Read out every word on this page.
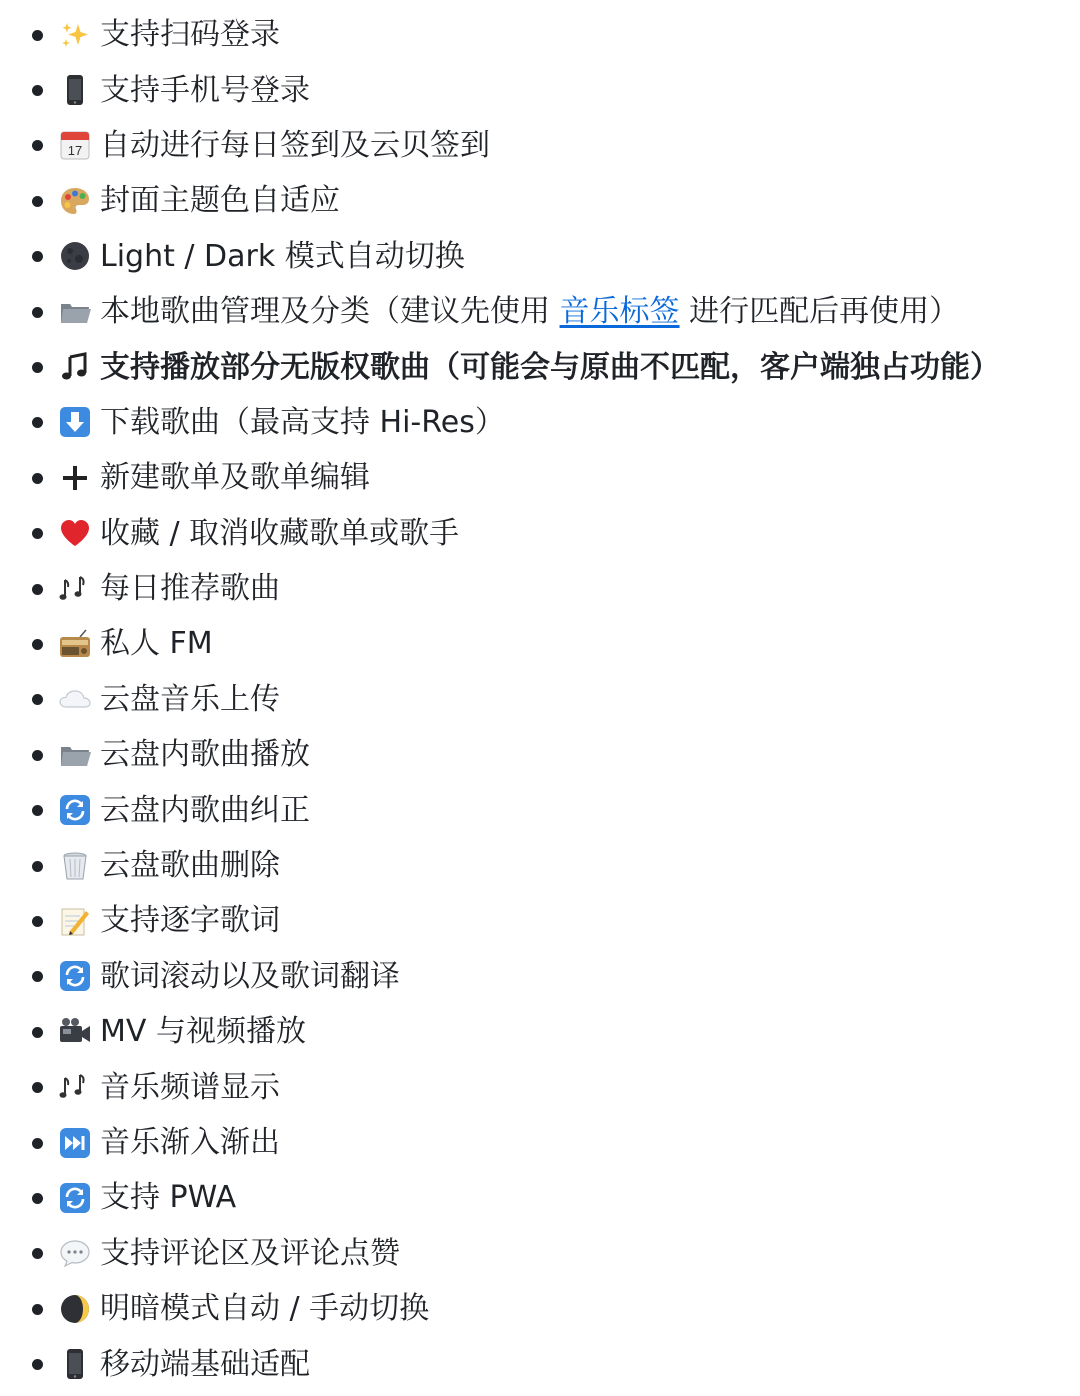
支持扫码登录
支持手机号登录
17 自动进行每日签到及云贝签到
封面主题色自适应
Light / Dark 模式自动切换
本地歌曲管理及分类（建议先使用 音乐标签 进行匹配后再使用）
支持播放部分无版权歌曲（可能会与原曲不匹配，客户端独占功能）
下载歌曲（最高支持 Hi-Res）
新建歌单及歌单编辑
收藏 / 取消收藏歌单或歌手
每日推荐歌曲
私人 FM
云盘音乐上传
云盘内歌曲播放
云盘内歌曲纠正
云盘歌曲删除
支持逐字歌词
歌词滚动以及歌词翻译
MV 与视频播放
音乐频谱显示
音乐渐入渐出
支持 PWA
支持评论区及评论点赞
明暗模式自动 / 手动切换
移动端基础适配
